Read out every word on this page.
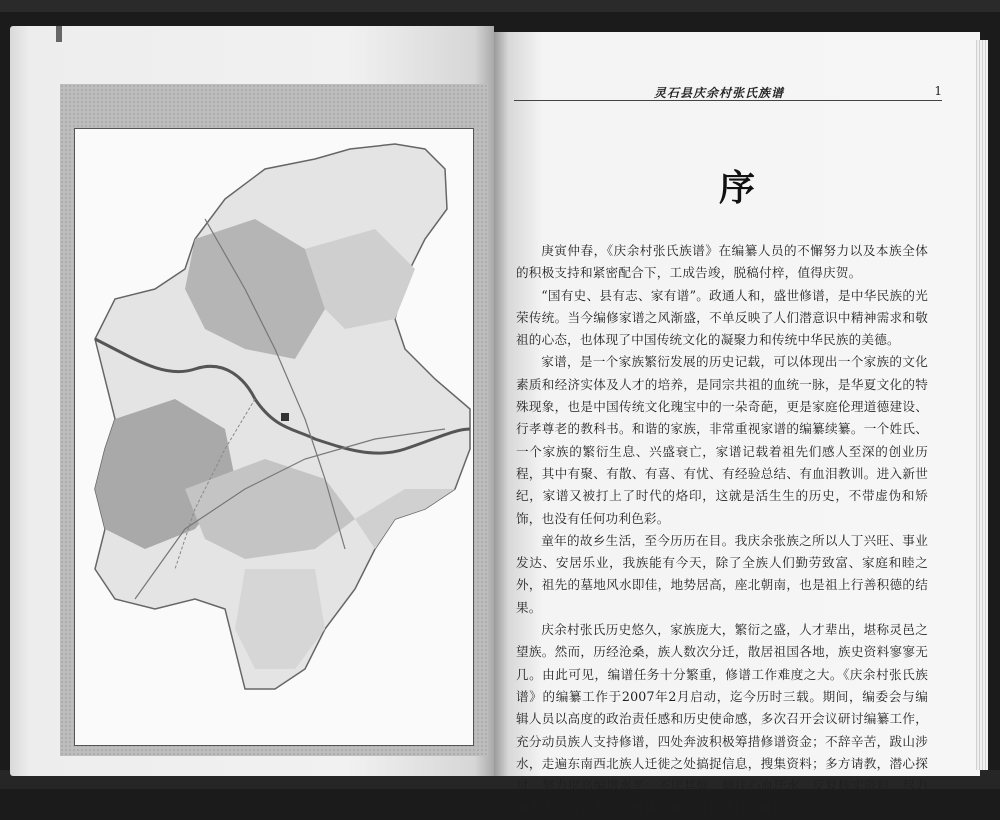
灵石县庆余村张氏族谱	1
序

庚寅仲春，《庆余村张氏族谱》在编纂人员的不懈努力以及本族全体的积极支持和紧密配合下，工成告竣，脱稿付梓，值得庆贺。

“国有史、县有志、家有谱”。政通人和，盛世修谱，是中华民族的光荣传统。当今编修家谱之风渐盛，不单反映了人们潜意识中精神需求和敬祖的心态，也体现了中国传统文化的凝聚力和传统中华民族的美德。

家谱，是一个家族繁衍发展的历史记载，可以体现出一个家族的文化素质和经济实体及人才的培养，是同宗共祖的血统一脉，是华夏文化的特殊现象，也是中国传统文化瑰宝中的一朵奇葩，更是家庭伦理道德建设、行孝尊老的教科书。和谐的家族，非常重视家谱的编纂续纂。一个姓氏、一个家族的繁衍生息、兴盛衰亡，家谱记载着祖先们感人至深的创业历程，其中有聚、有散、有喜、有忧、有经验总结、有血泪教训。进入新世纪，家谱又被打上了时代的烙印，这就是活生生的历史，不带虚伪和矫饰，也没有任何功利色彩。

童年的故乡生活，至今历历在目。我庆余张族之所以人丁兴旺、事业发达、安居乐业，我族能有今天，除了全族人们勤劳致富、家庭和睦之外，祖先的墓地风水即佳，地势居高，座北朝南，也是祖上行善积德的结果。

庆余村张氏历史悠久，家族庞大，繁衍之盛，人才辈出，堪称灵邑之望族。然而，历经沧桑，族人数次分迁，散居祖国各地，族史资料寥寥无几。由此可见，编谱任务十分繁重，修谱工作难度之大。《庆余村张氏族谱》的编纂工作于2007年2月启动，迄今历时三载。期间，编委会与编辑人员以高度的政治责任感和历史使命感，多次召开会议研讨编纂工作，充分动员族人支持修谱，四处奔波积极筹措修谱资金；不辞辛苦，跋山涉水，走遍东南西北族人迁徙之处搞捉信息，搜集资料；多方请教，潜心探讨，努力提高编谱水平；不厌其烦，倾注心血汗水，反复核实资料，尽力减少入谱内容失误；废寝忘食，夜以继日，精心编
